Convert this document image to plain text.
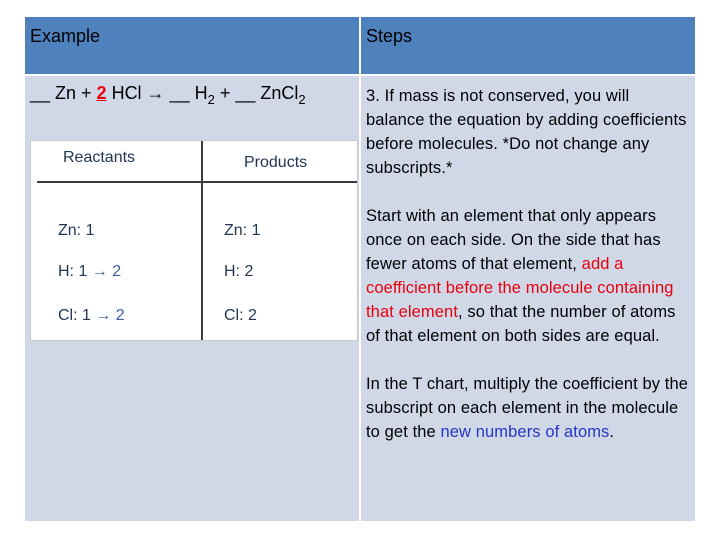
Example	Steps
__ Zn + 2 HCl → __ $H_2$ + __ ZnCl$_2$
Reactants	Products
Zn: 1
H: 1 → 2
Cl: 1 → 2
Zn: 1
H: 2
Cl: 2

3. If mass is not conserved, you will balance the equation by adding coefficients before molecules. *Do not change any subscripts.*

Start with an element that only appears once on each side. On the side that has fewer atoms of that element, add a coefficient before the molecule containing that element, so that the number of atoms of that element on both sides are equal.

In the T chart, multiply the coefficient by the subscript on each element in the molecule to get the new numbers of atoms.
